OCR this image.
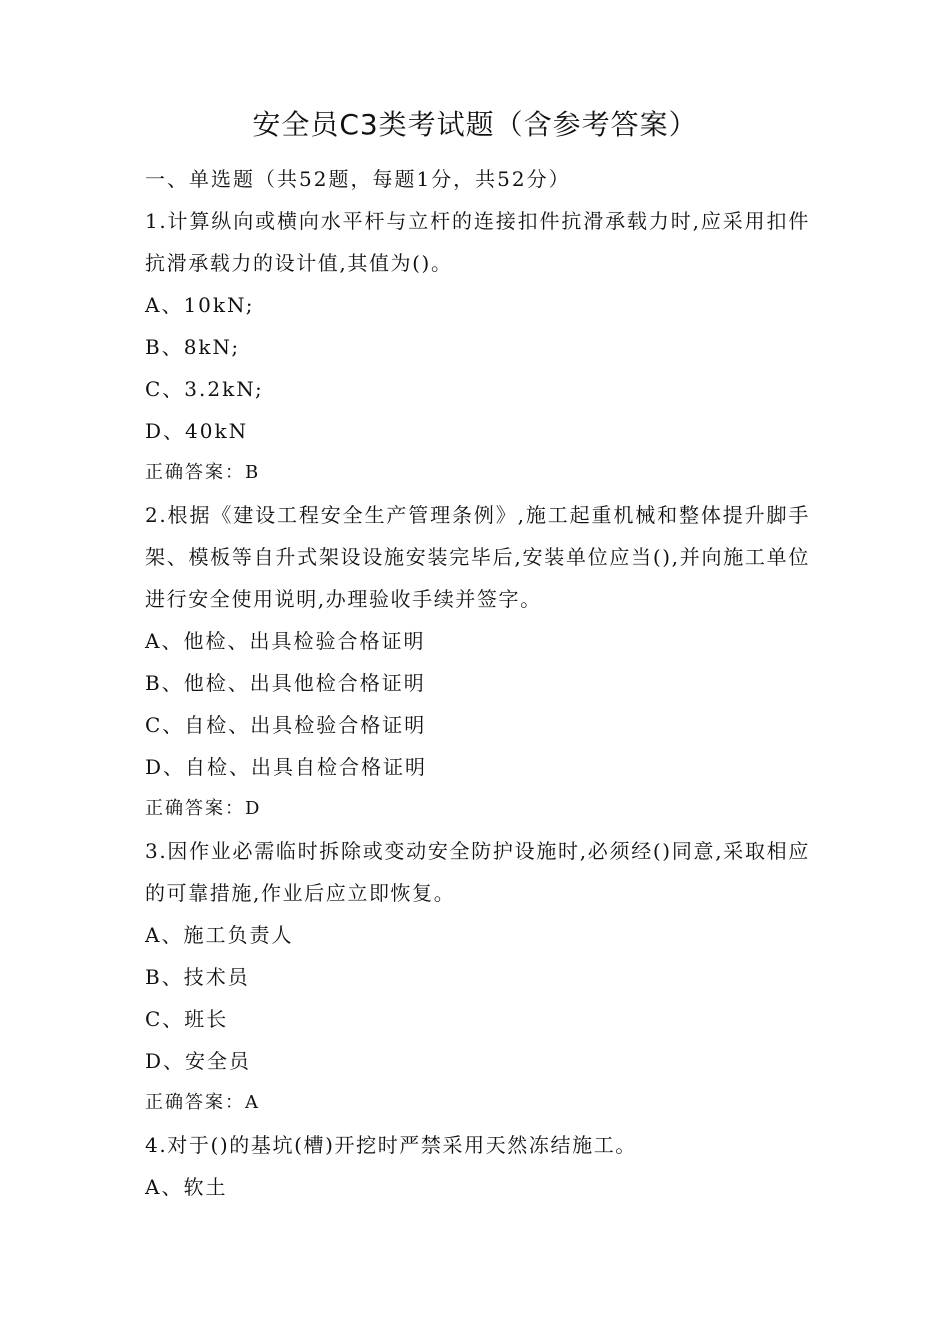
安全员C3类考试题（含参考答案）

一、单选题（共52题，每题1分，共52分）

1.计算纵向或横向水平杆与立杆的连接扣件抗滑承载力时,应采用扣件抗滑承载力的设计值,其值为()。

A、10kN;

B、8kN;

C、3.2kN;

D、40kN

正确答案：B

2.根据《建设工程安全生产管理条例》,施工起重机械和整体提升脚手架、模板等自升式架设设施安装完毕后,安装单位应当(),并向施工单位进行安全使用说明,办理验收手续并签字。

A、他检、出具检验合格证明

B、他检、出具他检合格证明

C、自检、出具检验合格证明

D、自检、出具自检合格证明

正确答案：D

3.因作业必需临时拆除或变动安全防护设施时,必须经()同意,采取相应的可靠措施,作业后应立即恢复。

A、施工负责人

B、技术员

C、班长

D、安全员

正确答案：A

4.对于()的基坑(槽)开挖时严禁采用天然冻结施工。

A、软土
